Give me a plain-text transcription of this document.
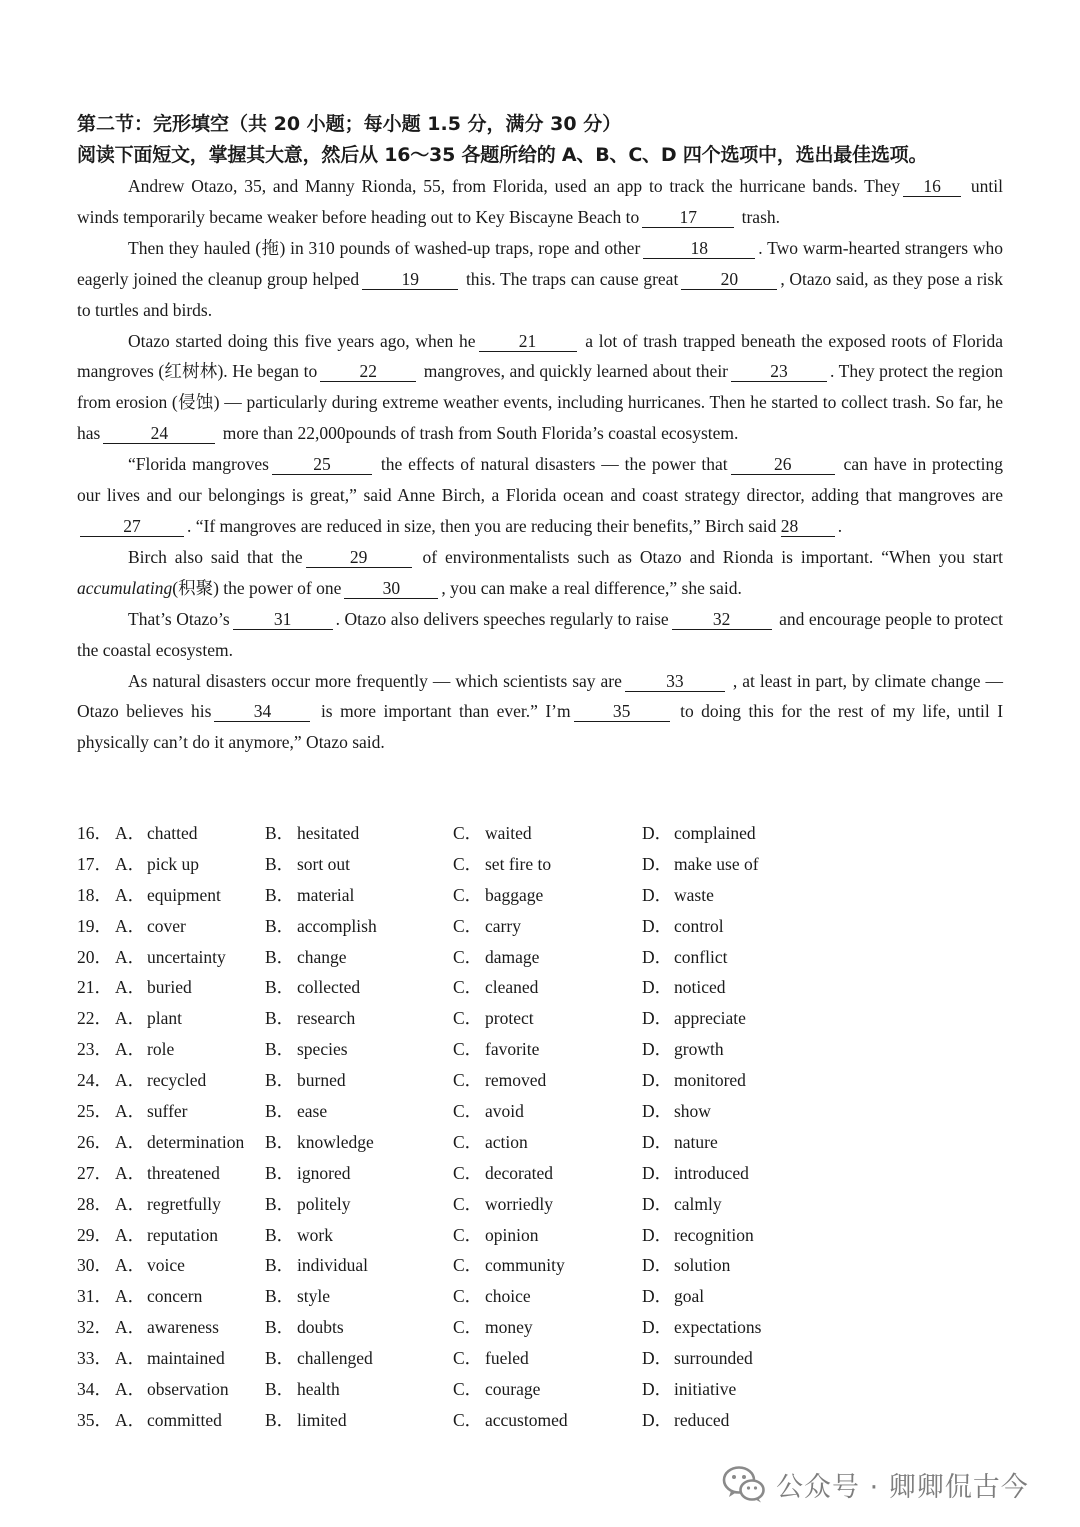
第二节：完形填空（共 20 小题；每小题 1.5 分，满分 30 分）
阅读下面短文，掌握其大意，然后从 16～35 各题所给的 A、B、C、D 四个选项中，选出最佳选项。

Andrew Otazo, 35, and Manny Rionda, 55, from Florida, used an app to track the hurricane bands. They 16 until winds temporarily became weaker before heading out to Key Biscayne Beach to 17	trash.

Then they hauled (拖) in 310 pounds of washed-up traps, rope and other	18	. Two warm-hearted strangers who eagerly joined the cleanup group helped 19	this. The traps can cause great 20 , Otazo said, as they pose a risk to turtles and birds.

Otazo started doing this five years ago, when he 21	a lot of trash trapped beneath the exposed roots of Florida mangroves (红树林). He began to 22	mangroves, and quickly learned about their 23 . They protect the region from erosion (侵蚀) — particularly during extreme weather events, including hurricanes. Then he started to collect trash. So far, he has	24	more than 22,000pounds of trash from South Florida’s coastal ecosystem.

“Florida mangroves	25	the effects of natural disasters — the power that	26	can have in protecting our lives and our belongings is great,” said Anne Birch, a Florida ocean and coast strategy director, adding that mangroves are27	. “If mangroves are reduced in size, then you are reducing their benefits,” Birch said 28 .

Birch also said that the	29	of environmentalists such as Otazo and Rionda is important. “When you start accumulating(积聚) the power of one 30 , you can make a real difference,” she said.

That’s Otazo’s	31	. Otazo also delivers speeches regularly to raise	32	and encourage people to protect the coastal ecosystem.

As natural disasters occur more frequently — which scientists say are	33	, at least in part, by climate change — Otazo believes his 34	is more important than ever.” I’m 35	to doing this for the rest of my life, until I physically can’t do it anymore,” Otazo said.

16． A． chatted	B． hesitated	C． waited	D． complained
17． A． pick up	B． sort out	C． set fire to	D． make use of
18． A． equipment	B． material	C． baggage	D． waste
19． A． cover	B． accomplish	C． carry	D． control
20． A． uncertainty B． change	C． damage	D． conflict
21． A． buried	B． collected	C． cleaned	D． noticed
22． A． plant	B． research	C． protect	D． appreciate
23． A． role	B． species	C． favorite	D． growth
24． A． recycled	B． burned	C． removed	D． monitored
25． A． suffer	B． ease	C． avoid	D． show
26． A． determination B． knowledge	C． action	D． nature
27． A． threatened	B． ignored	C． decorated	D． introduced
28． A． regretfully	B． politely	C． worriedly	D． calmly
29． A． reputation	B． work	C． opinion	D． recognition
30． A． voice	B． individual	C． community	D． solution
31． A． concern	B． style	C． choice	D． goal
32． A． awareness	B． doubts	C． money	D． expectations
33． A． maintained B． challenged	C． fueled	D． surrounded
34． A． observation B． health	C． courage	D． initiative
35． A． committed B． limited	C． accustomed	D． reduced
公众号 · 卿卿侃古今
